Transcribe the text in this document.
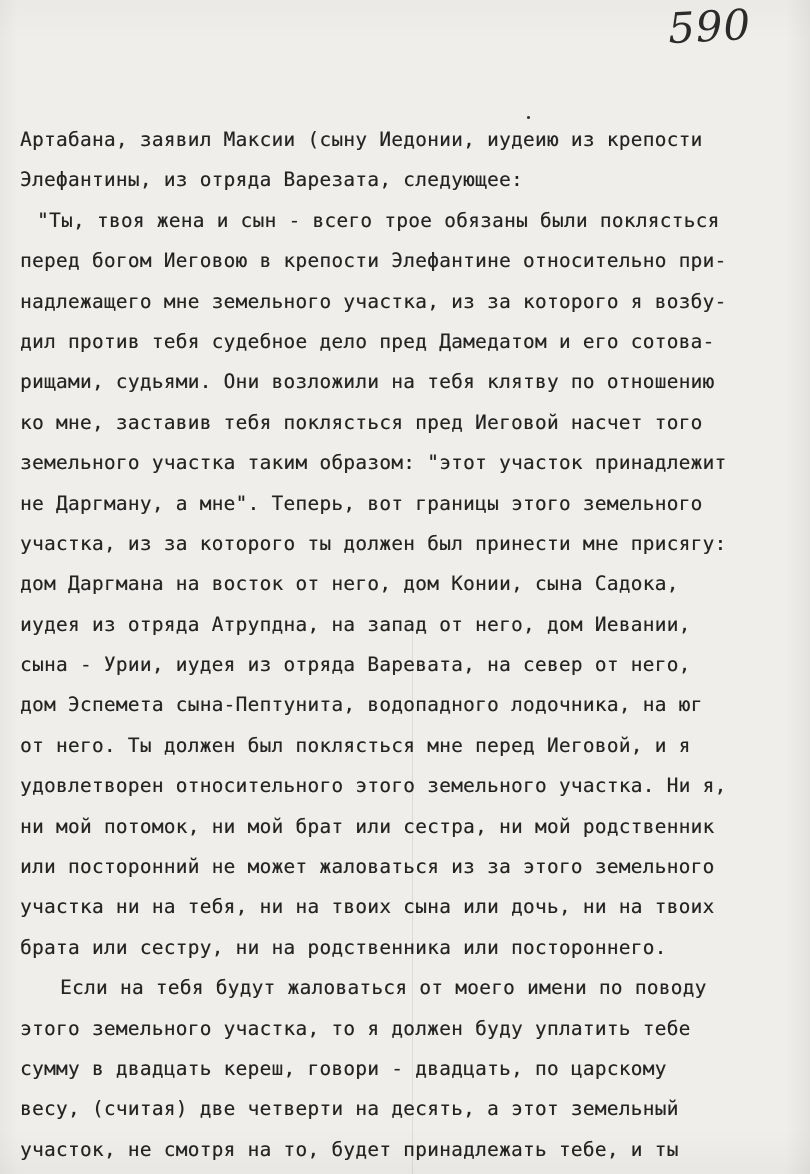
590
Артабана, заявил Максии (сыну Иедонии, иудеию из крепости
Элефантины, из отряда Варезата, следующее:
"Ты, твоя жена и сын - всего трое обязаны были поклясться
перед богом Иеговою в крепости Элефантине относительно при-
надлежащего мне земельного участка, из за которого я возбу-
дил против тебя судебное дело пред Дамедатом и его сотова-
рищами, судьями. Они возложили на тебя клятву по отношению
ко мне, заставив тебя поклясться пред Иеговой насчет того
земельного участка таким образом: "этот участок принадлежит
не Даргману, а мне". Теперь, вот границы этого земельного
участка, из за которого ты должен был принести мне присягу:
дом Даргмана на восток от него, дом Конии, сына Садока,
иудея из отряда Атрупдна, на запад от него, дом Иевании,
сына - Урии, иудея из отряда Варевата, на север от него,
дом Эспемета сына-Пептунита, водопадного лодочника, на юг
от него. Ты должен был поклясться мне перед Иеговой, и я
удовлетворен относительного этого земельного участка. Ни я,
ни мой потомок, ни мой брат или сестра, ни мой родственник
или посторонний не может жаловаться из за этого земельного
участка ни на тебя, ни на твоих сына или дочь, ни на твоих
брата или сестру, ни на родственника или постороннего.
Если на тебя будут жаловаться от моего имени по поводу
этого земельного участка, то я должен буду уплатить тебе
сумму в двадцать кереш, говори - двадцать, по царскому
весу, (считая) две четверти на десять, а этот земельный
участок, не смотря на то, будет принадлежать тебе, и ты
